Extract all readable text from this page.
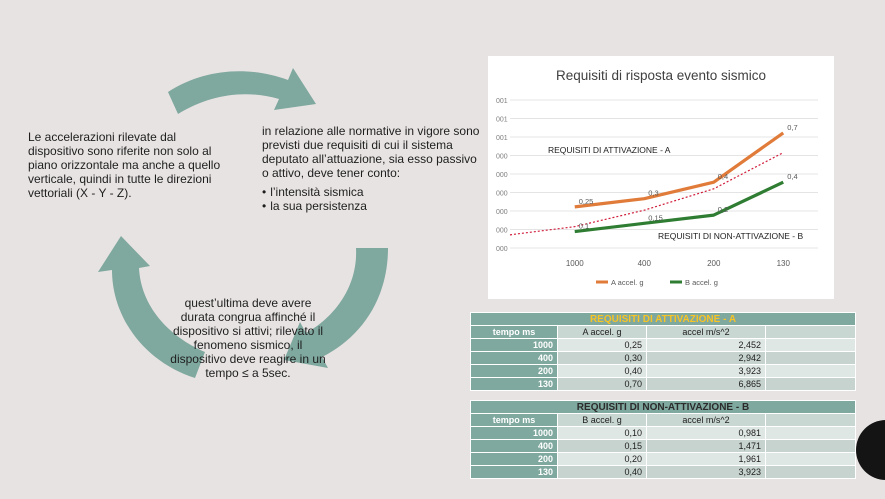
Le accelerazioni rilevate dal dispositivo sono riferite non solo al piano orizzontale ma anche a quello verticale, quindi in tutte le direzioni vettoriali (X - Y - Z).
in relazione alle normative in vigore sono previsti due requisiti di cui il sistema deputato all’attuazione, sia esso passivo o attivo, deve tener conto:
• l’intensità sismica
• la sua persistenza
quest’ultima deve avere durata congrua affinché il dispositivo si attivi; rilevato il fenomeno sismico, il dispositivo deve reagire in un tempo ≤ a 5sec.
Requisiti di risposta evento sismico
000
000
000
000
000
000
001
001
001
1000	400	200	130
0,25
0,3
0,4
0,7
0,1
0,15
0,2
0,4
REQUISITI DI ATTIVAZIONE - A
REQUISITI DI NON-ATTIVAZIONE - B
A accel. g	B accel. g
REQUISITI DI ATTIVAZIONE - A			
tempo ms	A accel. g	accel m/s^2	
1000	0,25	2,452	
400	0,30	2,942	
200	0,40	3,923	
130	0,70	6,865	
REQUISITI DI NON-ATTIVAZIONE - B			
tempo ms	B accel. g	accel m/s^2	
1000	0,10	0,981	
400	0,15	1,471	
200	0,20	1,961	
130	0,40	3,923	
